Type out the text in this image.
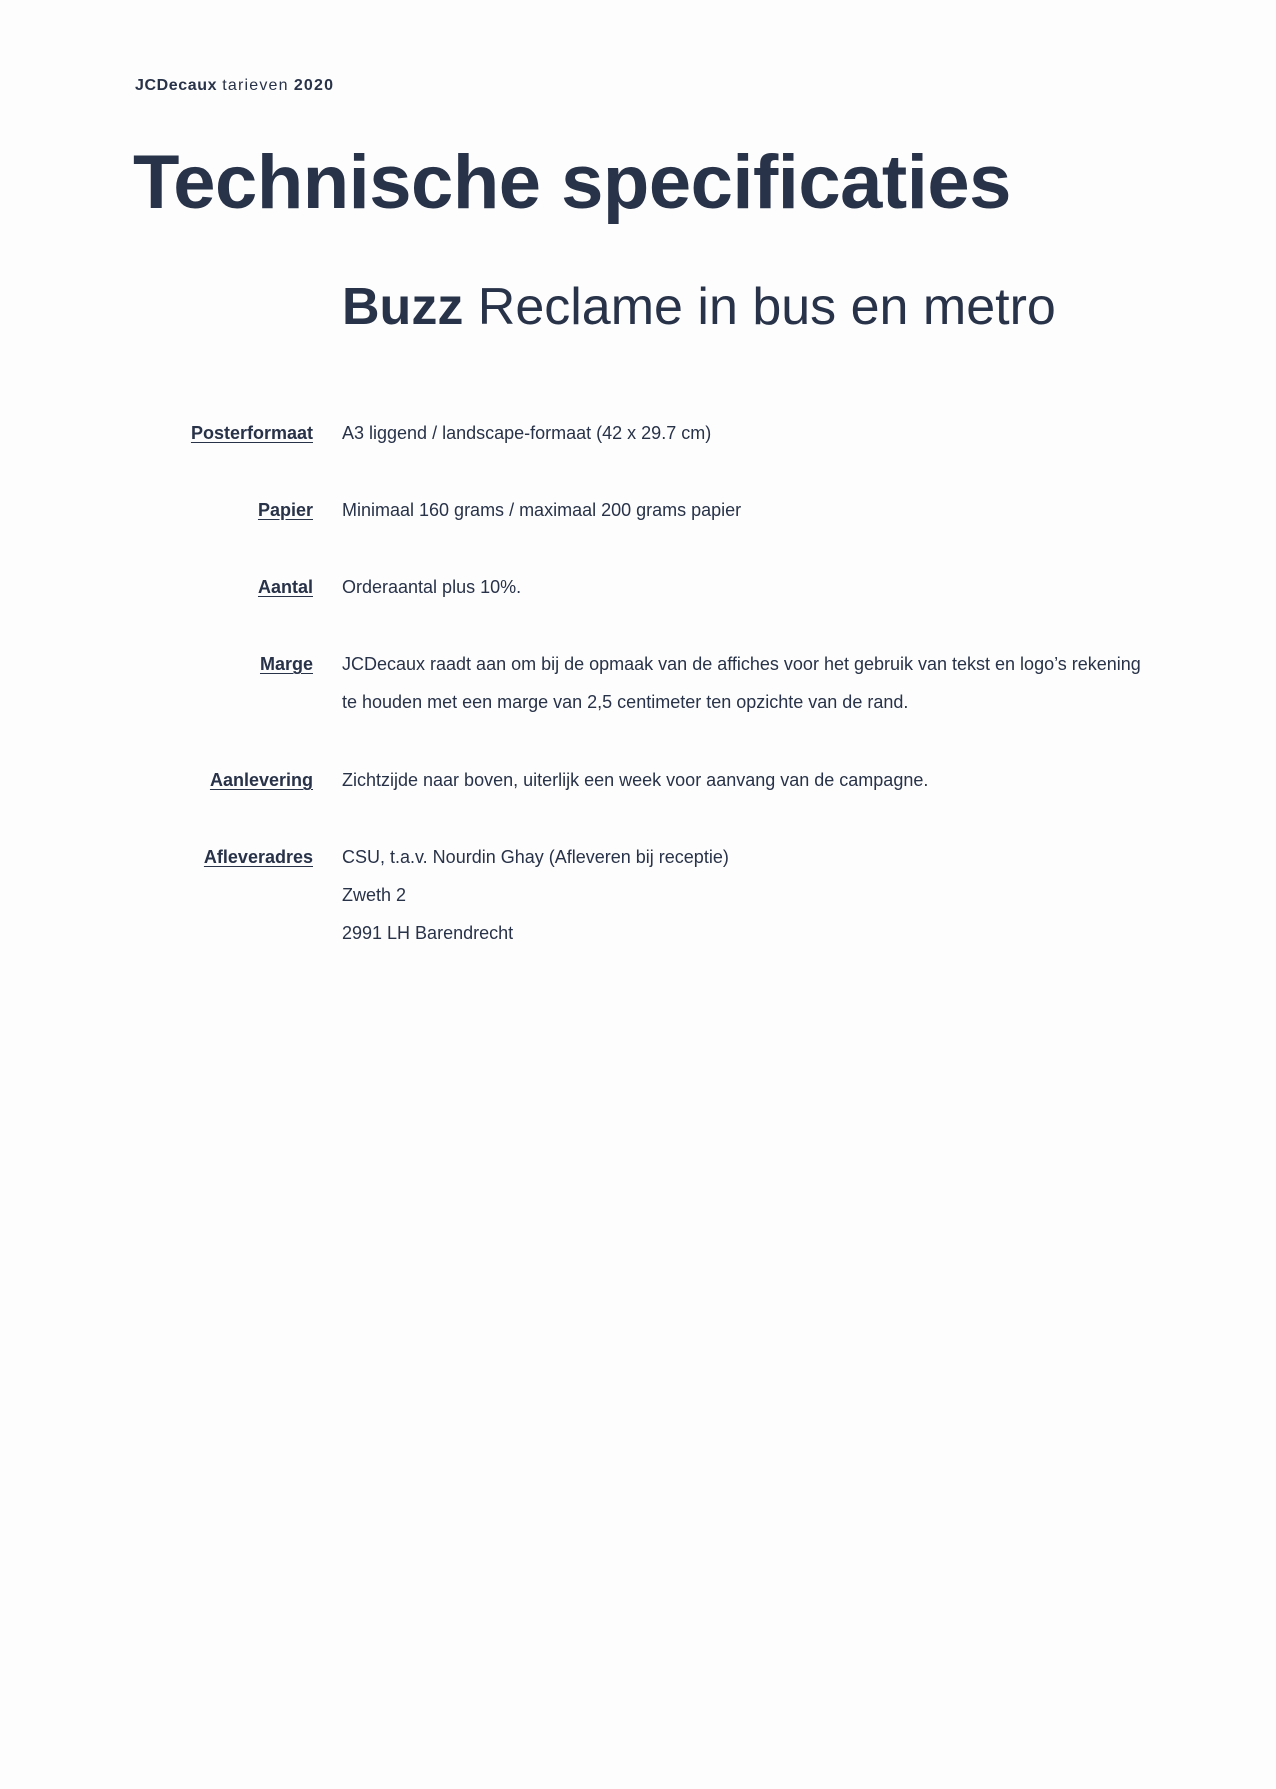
JCDecaux tarieven 2020
Technische specificaties
Buzz Reclame in bus en metro
Posterformaat A3 liggend / landscape-formaat (42 x 29.7 cm)
Papier Minimaal 160 grams / maximaal 200 grams papier
Aantal Orderaantal plus 10%.
Marge JCDecaux raadt aan om bij de opmaak van de affiches voor het gebruik van tekst en logo’s rekening
te houden met een marge van 2,5 centimeter ten opzichte van de rand.
Aanlevering Zichtzijde naar boven, uiterlijk een week voor aanvang van de campagne.
Afleveradres CSU, t.a.v. Nourdin Ghay (Afleveren bij receptie)
Zweth 2
2991 LH Barendrecht
